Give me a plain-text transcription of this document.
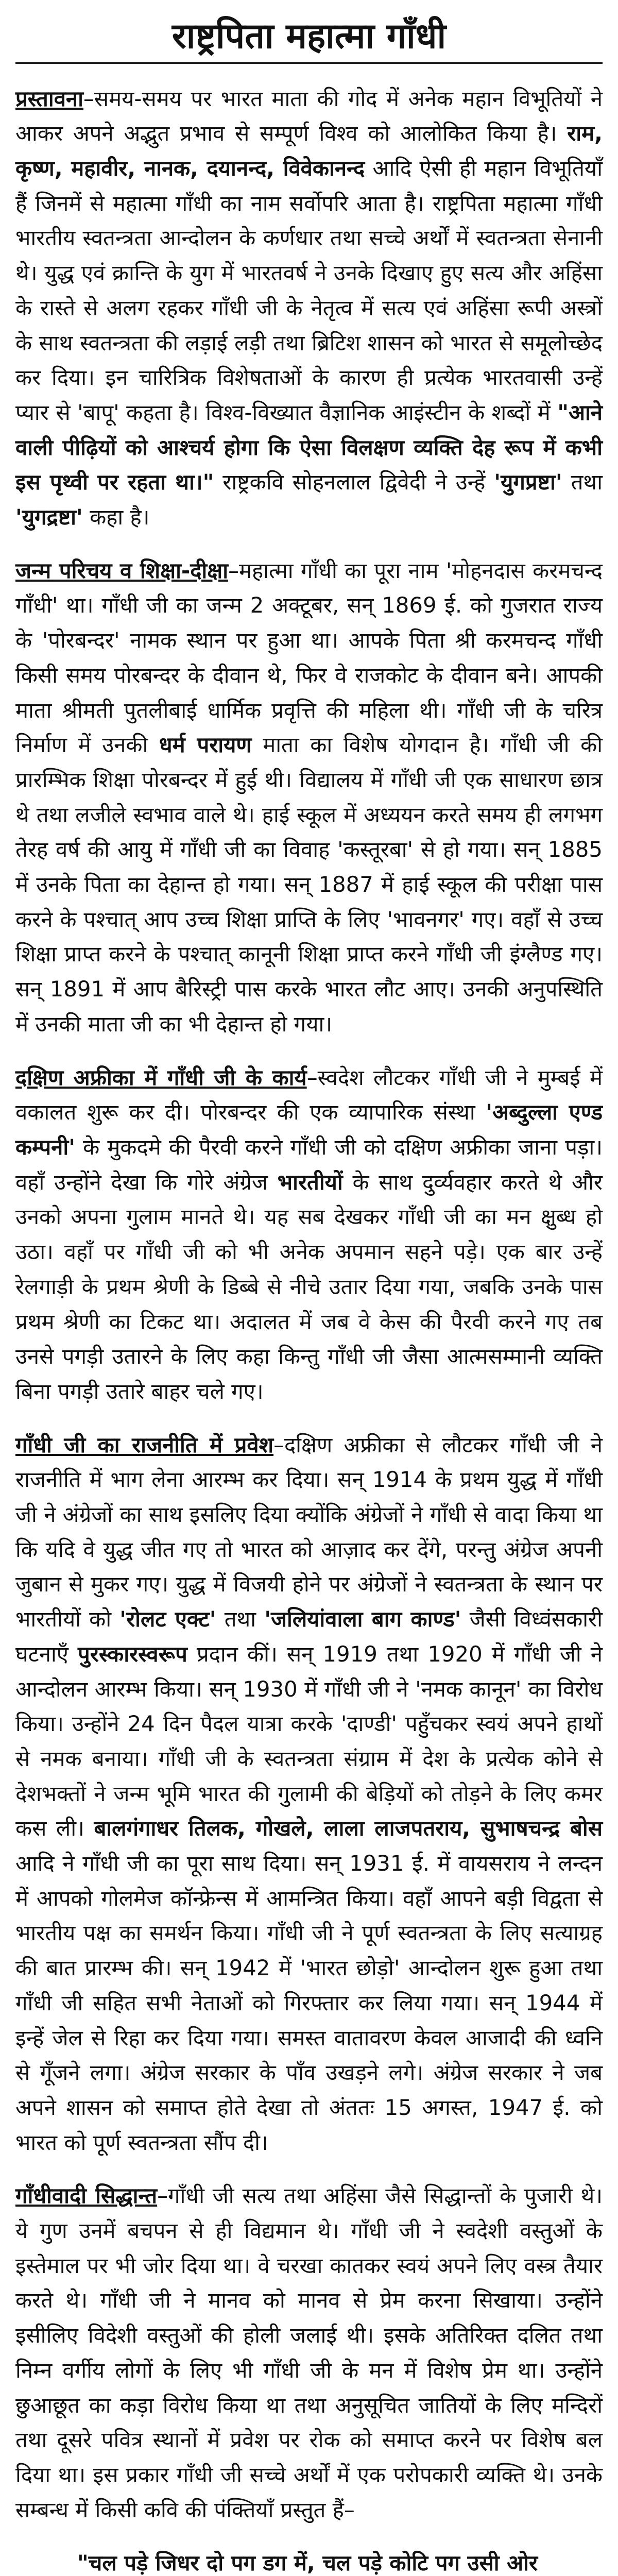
राष्ट्रपिता महात्मा गाँधी

प्रस्तावना–समय-समय पर भारत माता की गोद में अनेक महान विभूतियों ने आकर अपने अद्भुत प्रभाव से सम्पूर्ण विश्व को आलोकित किया है। राम, कृष्ण, महावीर, नानक, दयानन्द, विवेकानन्द आदि ऐसी ही महान विभूतियाँ हैं जिनमें से महात्मा गाँधी का नाम सर्वोपरि आता है। राष्ट्रपिता महात्मा गाँधी भारतीय स्वतन्त्रता आन्दोलन के कर्णधार तथा सच्चे अर्थों में स्वतन्त्रता सेनानी थे। युद्ध एवं क्रान्ति के युग में भारतवर्ष ने उनके दिखाए हुए सत्य और अहिंसा के रास्ते से अलग रहकर गाँधी जी के नेतृत्व में सत्य एवं अहिंसा रूपी अस्त्रों के साथ स्वतन्त्रता की लड़ाई लड़ी तथा ब्रिटिश शासन को भारत से समूलोच्छेद कर दिया। इन चारित्रिक विशेषताओं के कारण ही प्रत्येक भारतवासी उन्हें प्यार से 'बापू' कहता है। विश्व-विख्यात वैज्ञानिक आइंस्टीन के शब्दों में "आने वाली पीढ़ियों को आश्चर्य होगा कि ऐसा विलक्षण व्यक्ति देह रूप में कभी इस पृथ्वी पर रहता था।" राष्ट्रकवि सोहनलाल द्विवेदी ने उन्हें 'युगप्रष्टा' तथा 'युगद्रष्टा' कहा है।

जन्म परिचय व शिक्षा-दीक्षा–महात्मा गाँधी का पूरा नाम 'मोहनदास करमचन्द गाँधी' था। गाँधी जी का जन्म 2 अक्टूबर, सन् 1869 ई. को गुजरात राज्य के 'पोरबन्दर' नामक स्थान पर हुआ था। आपके पिता श्री करमचन्द गाँधी किसी समय पोरबन्दर के दीवान थे, फिर वे राजकोट के दीवान बने। आपकी माता श्रीमती पुतलीबाई धार्मिक प्रवृत्ति की महिला थी। गाँधी जी के चरित्र निर्माण में उनकी धर्म परायण माता का विशेष योगदान है। गाँधी जी की प्रारम्भिक शिक्षा पोरबन्दर में हुई थी। विद्यालय में गाँधी जी एक साधारण छात्र थे तथा लजीले स्वभाव वाले थे। हाई स्कूल में अध्ययन करते समय ही लगभग तेरह वर्ष की आयु में गाँधी जी का विवाह 'कस्तूरबा' से हो गया। सन् 1885 में उनके पिता का देहान्त हो गया। सन् 1887 में हाई स्कूल की परीक्षा पास करने के पश्चात् आप उच्च शिक्षा प्राप्ति के लिए 'भावनगर' गए। वहाँ से उच्च शिक्षा प्राप्त करने के पश्चात् कानूनी शिक्षा प्राप्त करने गाँधी जी इंग्लैण्ड गए। सन् 1891 में आप बैरिस्ट्री पास करके भारत लौट आए। उनकी अनुपस्थिति में उनकी माता जी का भी देहान्त हो गया।

दक्षिण अफ्रीका में गाँधी जी के कार्य–स्वदेश लौटकर गाँधी जी ने मुम्बई में वकालत शुरू कर दी। पोरबन्दर की एक व्यापारिक संस्था 'अब्दुल्ला एण्ड कम्पनी' के मुकदमे की पैरवी करने गाँधी जी को दक्षिण अफ्रीका जाना पड़ा। वहाँ उन्होंने देखा कि गोरे अंग्रेज भारतीयों के साथ दुर्व्यवहार करते थे और उनको अपना गुलाम मानते थे। यह सब देखकर गाँधी जी का मन क्षुब्ध हो उठा। वहाँ पर गाँधी जी को भी अनेक अपमान सहने पड़े। एक बार उन्हें रेलगाड़ी के प्रथम श्रेणी के डिब्बे से नीचे उतार दिया गया, जबकि उनके पास प्रथम श्रेणी का टिकट था। अदालत में जब वे केस की पैरवी करने गए तब उनसे पगड़ी उतारने के लिए कहा किन्तु गाँधी जी जैसा आत्मसम्मानी व्यक्ति बिना पगड़ी उतारे बाहर चले गए।

गाँधी जी का राजनीति में प्रवेश–दक्षिण अफ्रीका से लौटकर गाँधी जी ने राजनीति में भाग लेना आरम्भ कर दिया। सन् 1914 के प्रथम युद्ध में गाँधी जी ने अंग्रेजों का साथ इसलिए दिया क्योंकि अंग्रेजों ने गाँधी से वादा किया था कि यदि वे युद्ध जीत गए तो भारत को आज़ाद कर देंगे, परन्तु अंग्रेज अपनी जुबान से मुकर गए। युद्ध में विजयी होने पर अंग्रेजों ने स्वतन्त्रता के स्थान पर भारतीयों को 'रोलट एक्ट' तथा 'जलियांवाला बाग काण्ड' जैसी विध्वंसकारी घटनाएँ पुरस्कारस्वरूप प्रदान कीं। सन् 1919 तथा 1920 में गाँधी जी ने आन्दोलन आरम्भ किया। सन् 1930 में गाँधी जी ने 'नमक कानून' का विरोध किया। उन्होंने 24 दिन पैदल यात्रा करके 'दाण्डी' पहुँचकर स्वयं अपने हाथों से नमक बनाया। गाँधी जी के स्वतन्त्रता संग्राम में देश के प्रत्येक कोने से देशभक्तों ने जन्म भूमि भारत की गुलामी की बेड़ियों को तोड़ने के लिए कमर कस ली। बालगंगाधर तिलक, गोखले, लाला लाजपतराय, सुभाषचन्द्र बोस आदि ने गाँधी जी का पूरा साथ दिया। सन् 1931 ई. में वायसराय ने लन्दन में आपको गोलमेज कॉन्फ्रेन्स में आमन्त्रित किया। वहाँ आपने बड़ी विद्वता से भारतीय पक्ष का समर्थन किया। गाँधी जी ने पूर्ण स्वतन्त्रता के लिए सत्याग्रह की बात प्रारम्भ की। सन् 1942 में 'भारत छोड़ो' आन्दोलन शुरू हुआ तथा गाँधी जी सहित सभी नेताओं को गिरफ्तार कर लिया गया। सन् 1944 में इन्हें जेल से रिहा कर दिया गया। समस्त वातावरण केवल आजादी की ध्वनि से गूँजने लगा। अंग्रेज सरकार के पाँव उखड़ने लगे। अंग्रेज सरकार ने जब अपने शासन को समाप्त होते देखा तो अंततः 15 अगस्त, 1947 ई. को भारत को पूर्ण स्वतन्त्रता सौंप दी।

गाँधीवादी सिद्धान्त–गाँधी जी सत्य तथा अहिंसा जैसे सिद्धान्तों के पुजारी थे। ये गुण उनमें बचपन से ही विद्यमान थे। गाँधी जी ने स्वदेशी वस्तुओं के इस्तेमाल पर भी जोर दिया था। वे चरखा कातकर स्वयं अपने लिए वस्त्र तैयार करते थे। गाँधी जी ने मानव को मानव से प्रेम करना सिखाया। उन्होंने इसीलिए विदेशी वस्तुओं की होली जलाई थी। इसके अतिरिक्त दलित तथा निम्न वर्गीय लोगों के लिए भी गाँधी जी के मन में विशेष प्रेम था। उन्होंने छुआछूत का कड़ा विरोध किया था तथा अनुसूचित जातियों के लिए मन्दिरों तथा दूसरे पवित्र स्थानों में प्रवेश पर रोक को समाप्त करने पर विशेष बल दिया था। इस प्रकार गाँधी जी सच्चे अर्थों में एक परोपकारी व्यक्ति थे। उनके सम्बन्ध में किसी कवि की पंक्तियाँ प्रस्तुत हैं–

"चल पड़े जिधर दो पग डग में, चल पड़े कोटि पग उसी ओर
